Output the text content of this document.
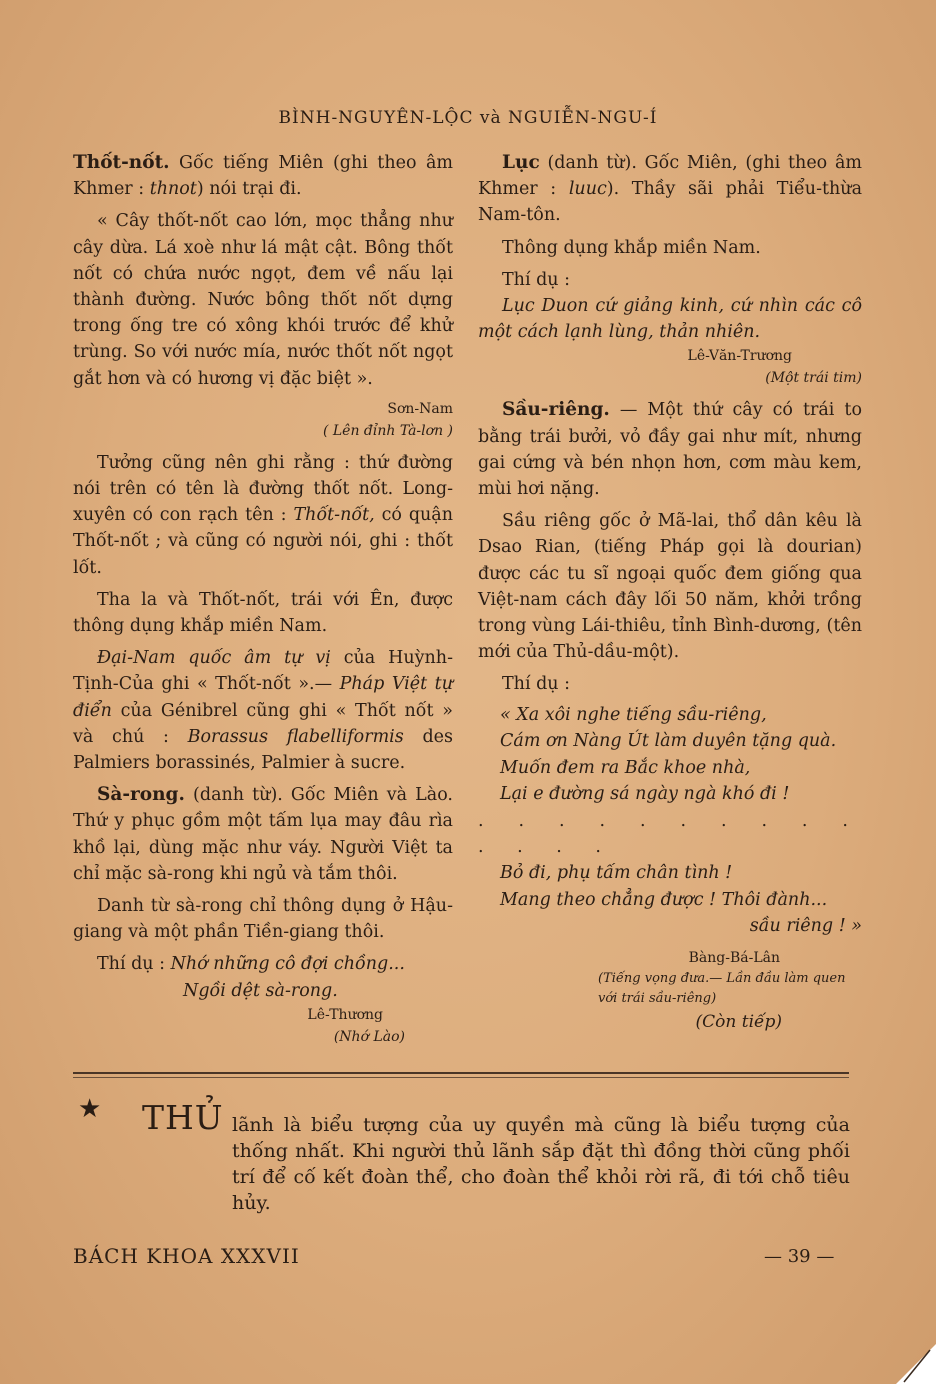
BÌNH-NGUYÊN-LỘC và NGUIỄN-NGU-Í

Thốt-nốt. Gốc tiếng Miên (ghi theo âm Khmer : thnot) nói trại đi.

« Cây thốt-nốt cao lớn, mọc thẳng như cây dừa. Lá xoè như lá mật cật. Bông thốt nốt có chứa nước ngọt, đem về nấu lại thành đường. Nước bông thốt nốt dựng trong ống tre có xông khói trước để khử trùng. So với nước mía, nước thốt nốt ngọt gắt hơn và có hương vị đặc biệt ».

Sơn-Nam

( Lên đỉnh Tà-lơn )

Tưởng cũng nên ghi rằng : thứ đường nói trên có tên là đường thốt nốt. Long-xuyên có con rạch tên : Thốt-nốt, có quận Thốt-nốt ; và cũng có người nói, ghi : thốt lốt.

Tha la và Thốt-nốt, trái với Ên, được thông dụng khắp miền Nam.

Đại-Nam quốc âm tự vị của Huỳnh-Tịnh-Của ghi « Thốt-nốt ».— Pháp Việt tự điển của Génibrel cũng ghi « Thốt nốt » và chú : Borassus flabelliformis des Palmiers borassinés, Palmier à sucre.

Sà-rong. (danh từ). Gốc Miên và Lào. Thứ y phục gồm một tấm lụa may đâu rìa khồ lại, dùng mặc như váy. Người Việt ta chỉ mặc sà-rong khi ngủ và tắm thôi.

Danh từ sà-rong chỉ thông dụng ở Hậu-giang và một phần Tiền-giang thôi.

Thí dụ : Nhớ những cô đợi chồng...

Ngồi dệt sà-rong.

Lê-Thương

(Nhớ Lào)

Lục (danh từ). Gốc Miên, (ghi theo âm Khmer : luuc). Thầy sãi phải Tiểu-thừa Nam-tôn.

Thông dụng khắp miền Nam.

Thí dụ :

Lục Duon cứ giảng kinh, cứ nhìn các cô một cách lạnh lùng, thản nhiên.

Lê-Văn-Trương

(Một trái tim)

Sầu-riêng. — Một thứ cây có trái to bằng trái bưởi, vỏ đầy gai như mít, nhưng gai cứng và bén nhọn hơn, cơm màu kem, mùi hơi nặng.

Sầu riêng gốc ở Mã-lai, thổ dân kêu là Dsao Rian, (tiếng Pháp gọi là dourian) được các tu sĩ ngoại quốc đem giống qua Việt-nam cách đây lối 50 năm, khởi trồng trong vùng Lái-thiêu, tỉnh Bình-dương, (tên mới của Thủ-dầu-một).

Thí dụ :

« Xa xôi nghe tiếng sầu-riêng,

Cám ơn Nàng Út làm duyên tặng quà.

Muốn đem ra Bắc khoe nhà,

Lại e đường sá ngày ngà khó đi !

. . . . . . . . . . . . . .

Bỏ đi, phụ tấm chân tình !

Mang theo chẳng được ! Thôi đành...

sầu riêng ! »

Bàng-Bá-Lân

(Tiếng vọng đưa.— Lần đầu làm quen với trái sầu-riêng)

(Còn tiếp)

★ THỦ lãnh là biểu tượng của uy quyền mà cũng là biểu tượng của thống nhất. Khi người thủ lãnh sắp đặt thì đồng thời cũng phối trí để cố kết đoàn thể, cho đoàn thể khỏi rời rã, đi tới chỗ tiêu hủy.

BÁCH KHOA XXXVII	— 39 —
